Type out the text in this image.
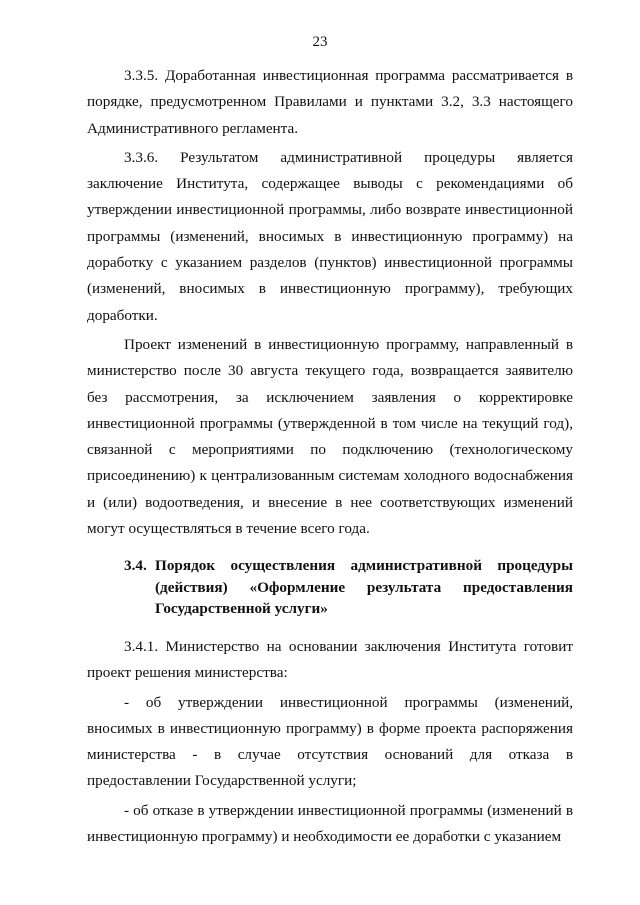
23

3.3.5. Доработанная инвестиционная программа рассматривается в порядке, предусмотренном Правилами и пунктами 3.2, 3.3 настоящего Административного регламента.

3.3.6. Результатом административной процедуры является заключение Института, содержащее выводы с рекомендациями об утверждении инвестиционной программы, либо возврате инвестиционной программы (изменений, вносимых в инвестиционную программу) на доработку с указанием разделов (пунктов) инвестиционной программы (изменений, вносимых в инвестиционную программу), требующих доработки.

Проект изменений в инвестиционную программу, направленный в министерство после 30 августа текущего года, возвращается заявителю без рассмотрения, за исключением заявления о корректировке инвестиционной программы (утвержденной в том числе на текущий год), связанной с мероприятиями по подключению (технологическому присоединению) к централизованным системам холодного водоснабжения и (или) водоотведения, и внесение в нее соответствующих изменений могут осуществляться в течение всего года.

3.4. Порядок осуществления административной процедуры (действия) «Оформление результата предоставления Государственной услуги»

3.4.1. Министерство на основании заключения Института готовит проект решения министерства:

- об утверждении инвестиционной программы (изменений, вносимых в инвестиционную программу) в форме проекта распоряжения министерства - в случае отсутствия оснований для отказа в предоставлении Государственной услуги;

- об отказе в утверждении инвестиционной программы (изменений в инвестиционную программу) и необходимости ее доработки с указанием
